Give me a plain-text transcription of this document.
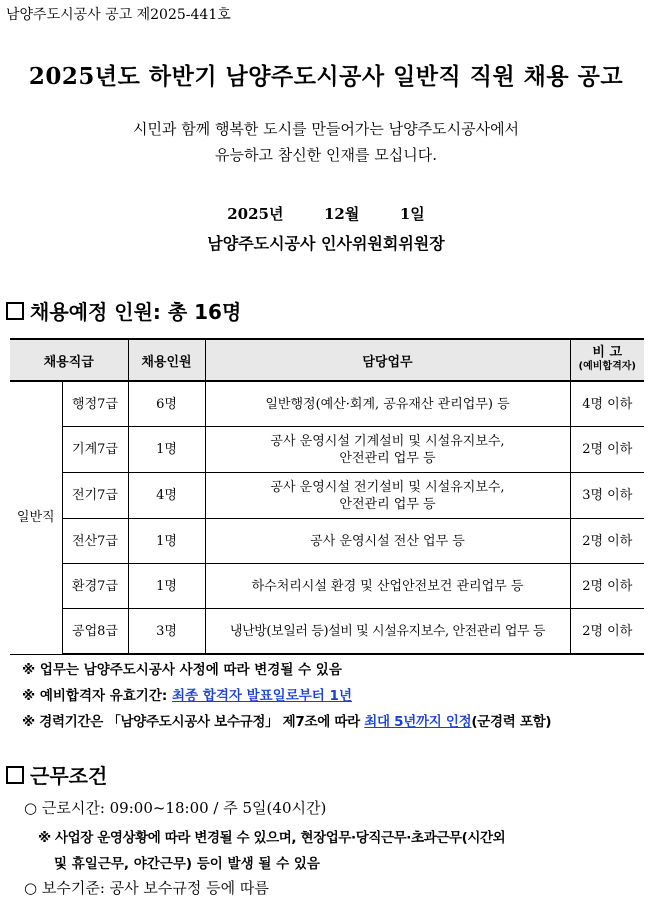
남양주도시공사 공고 제2025-441호
2025년도 하반기 남양주도시공사 일반직 직원 채용 공고
시민과 함께 행복한 도시를 만들어가는 남양주도시공사에서
유능하고 참신한 인재를 모십니다.
2025년	12월	1일
남양주도시공사 인사위원회위원장
채용예정 인원: 총 16명
채용직급		채용인원	담당업무	비 고
(예비합격자)

일반직	행정7급	6명	일반행정(예산·회계, 공유재산 관리업무) 등	4명 이하
	기계7급	1명	공사 운영시설 기계설비 및 시설유지보수,
안전관리 업무 등	2명 이하
	전기7급	4명	공사 운영시설 전기설비 및 시설유지보수,
안전관리 업무 등	3명 이하
	전산7급	1명	공사 운영시설 전산 업무 등	2명 이하
	환경7급	1명	하수처리시설 환경 및 산업안전보건 관리업무 등	2명 이하
	공업8급	3명	냉난방(보일러 등)설비 및 시설유지보수, 안전관리 업무 등	2명 이하
※ 업무는 남양주도시공사 사정에 따라 변경될 수 있음
※ 예비합격자 유효기간: 최종 합격자 발표일로부터 1년
※ 경력기간은 「남양주도시공사 보수규정」 제7조에 따라 최대 5년까지 인정(군경력 포함)
근무조건
○ 근로시간: 09:00~18:00 / 주 5일(40시간)
※ 사업장 운영상황에 따라 변경될 수 있으며, 현장업무·당직근무·초과근무(시간외
및 휴일근무, 야간근무) 등이 발생 될 수 있음
○ 보수기준: 공사 보수규정 등에 따름
